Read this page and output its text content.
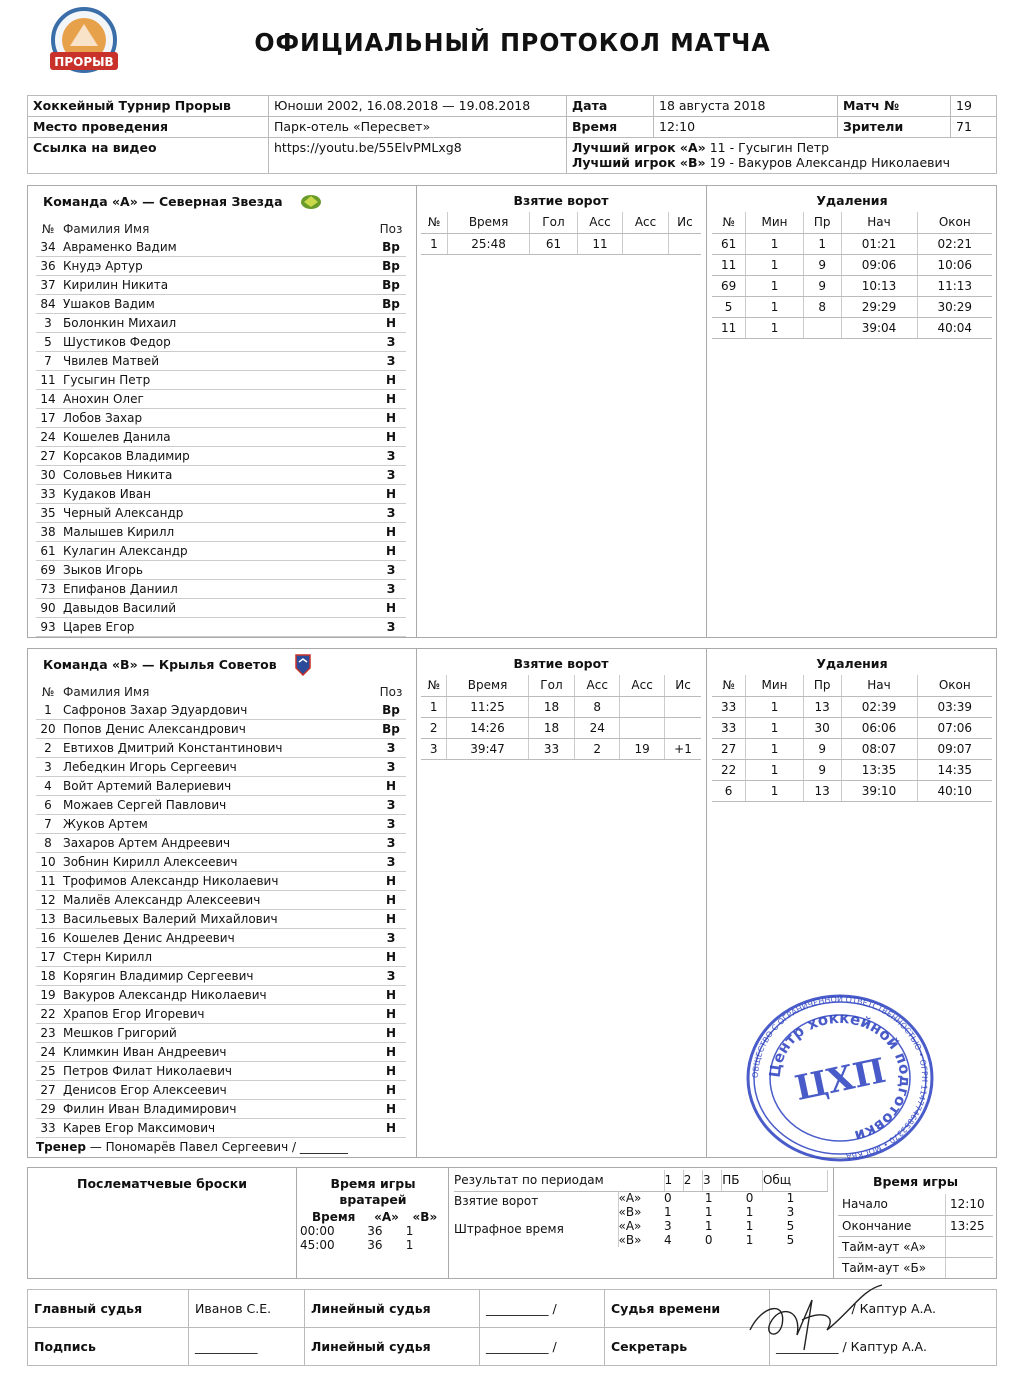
ПРОРЫВ
ОФИЦИАЛЬНЫЙ ПРОТОКОЛ МАТЧА
Хоккейный Турнир Прорыв	Юноши 2002, 16.08.2018 — 19.08.2018	Дата	18 августа 2018	Матч №	19
Место проведения	Парк-отель «Пересвет»	Время	12:10	Зрители	71
Ссылка на видео	https://youtu.be/55ElvPMLxg8	Лучший игрок «А» 11 - Гусыгин Петр
Лучший игрок «В» 19 - Вакуров Александр Николаевич			
Команда «А» — Северная Звезда
№ Фамилия Имя	Поз
34 Авраменко Вадим	Вр
36 Кнудэ Артур	Вр
37 Кирилин Никита	Вр
84 Ушаков Вадим	Вр
3 Болонкин Михаил	Н
5 Шустиков Федор	З
7 Чвилев Матвей	З
11 Гусыгин Петр	Н
14 Анохин Олег	Н
17 Лобов Захар	Н
24 Кошелев Данила	Н
27 Корсаков Владимир	З
30 Соловьев Никита	З
33 Кудаков Иван	Н
35 Черный Александр	З
38 Малышев Кирилл	Н
61 Кулагин Александр	Н
69 Зыков Игорь	З
73 Епифанов Даниил	З
90 Давыдов Василий	Н
93 Царев Егор	З
Взятие ворот
№	Время	Гол	Асс	Асс	Ис
1	25:48	61	11		
Удаления
№	Мин	Пр	Нач	Окон
61	1	1	01:21	02:21
11	1	9	09:06	10:06
69	1	9	10:13	11:13
5	1	8	29:29	30:29
11	1		39:04	40:04
Команда «В» — Крылья Советов
№ Фамилия Имя	Поз
1 Сафронов Захар Эдуардович	Вр
20 Попов Денис Александрович	Вр
2 Евтихов Дмитрий Константинович	З
3 Лебедкин Игорь Сергеевич	З
4 Войт Артемий Валериевич	Н
6 Можаев Сергей Павлович	З
7 Жуков Артем	З
8 Захаров Артем Андреевич	З
10 Зобнин Кирилл Алексеевич	З
11 Трофимов Александр Николаевич	Н
12 Малиёв Александр Алексеевич	Н
13 Васильевых Валерий Михайлович	Н
16 Кошелев Денис Андреевич	З
17 Стерн Кирилл	Н
18 Корягин Владимир Сергеевич	З
19 Вакуров Александр Николаевич	Н
22 Храпов Егор Игоревич	Н
23 Мешков Григорий	Н
24 Климкин Иван Андреевич	Н
25 Петров Филат Николаевич	Н
27 Денисов Егор Алексеевич	Н
29 Филин Иван Владимирович	Н
33 Карев Егор Максимович	Н
Тренер — Пономарёв Павел Сергеевич / ________
Взятие ворот
№	Время	Гол	Асс	Асс	Ис
1	11:25	18	8		
2	14:26	18	24		
3	39:47	33	2	19	+1
Удаления
№	Мин	Пр	Нач	Окон
33	1	13	02:39	03:39
33	1	30	06:06	07:06
27	1	9	08:07	09:07
22	1	9	13:35	14:35
6	1	13	39:10	40:10
ОБЩЕСТВО С ОГРАНИЧЕННОЙ ОТВЕТСТВЕННОСТЬЮ • ОГРН 1147746853370 • МОСКВА
Центр хоккейной подготовки
ЦХП
Послематчевые броски	Время игры вратарей
Время	«А»	«В»
00:00	36	1
45:00	36	1
Результат по периодам		1	2	3	ПБ	Общ
Взятие ворот	«А»	0	1	0		1
	«В»	1	1	1		3
Штрафное время	«А»	3	1	1		5
	«В»	4	0	1		5
Время игры
Начало	12:10
Окончание	13:25
Тайм-аут «А»	
Тайм-аут «Б»	
Главный судья	Иванов С.Е.	Линейный судья	__________ /	Судья времени	/ Каптур А.А.
Подпись	__________	Линейный судья	__________ /	Секретарь	__________ / Каптур А.А.
